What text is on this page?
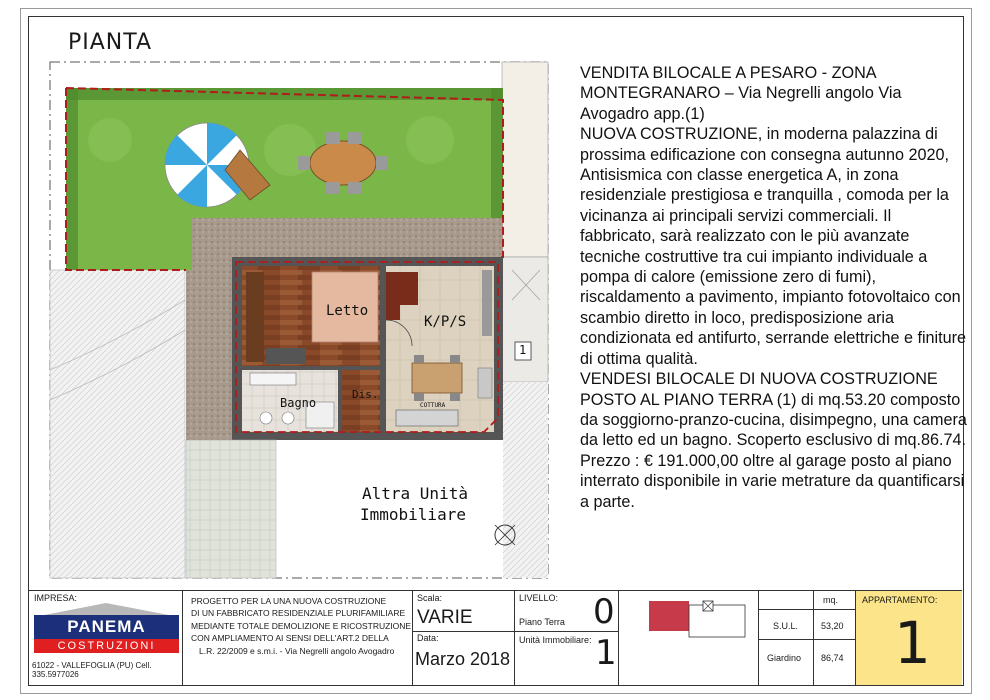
PIANTA
Letto
K/P/S
Bagno
Dis.
COTTURA
Altra Unità
Immobiliare
1
VENDITA BILOCALE A PESARO - ZONA MONTEGRANARO – Via Negrelli angolo Via Avogadro app.(1)
NUOVA COSTRUZIONE, in moderna palazzina di prossima edificazione con consegna autunno 2020, Antisismica con classe energetica A, in zona residenziale prestigiosa e tranquilla , comoda per la vicinanza ai principali servizi commerciali. Il fabbricato, sarà realizzato con le più avanzate tecniche costruttive tra cui impianto individuale a pompa di calore (emissione zero di fumi), riscaldamento a pavimento, impianto fotovoltaico con scambio diretto in loco, predisposizione aria condizionata ed antifurto, serrande elettriche e finiture di ottima qualità.
VENDESI BILOCALE DI NUOVA COSTRUZIONE POSTO AL PIANO TERRA (1) di mq.53.20 composto da soggiorno-pranzo-cucina, disimpegno, una camera da letto ed un bagno. Scoperto esclusivo di mq.86.74. Prezzo : € 191.000,00 oltre al garage posto al piano interrato disponibile in varie metrature da quantificarsi a parte.
IMPRESA:
PANEMA
COSTRUZIONI
61022 - VALLEFOGLIA (PU) Cell. 335.5977026
PROGETTO PER LA UNA NUOVA COSTRUZIONE
DI UN FABBRICATO RESIDENZIALE PLURIFAMILIARE
MEDIANTE TOTALE DEMOLIZIONE E RICOSTRUZIONE
CON AMPLIAMENTO AI SENSI DELL'ART.2 DELLA
L.R. 22/2009 e s.m.i. - Via Negrelli angolo Avogadro
Scala:
VARIE
Data:
Marzo 2018
LIVELLO:
Piano Terra 0
Unità Immobiliare: 1
mq.
S.U.L.	53,20
Giardino 86,74
APPARTAMENTO:
1
